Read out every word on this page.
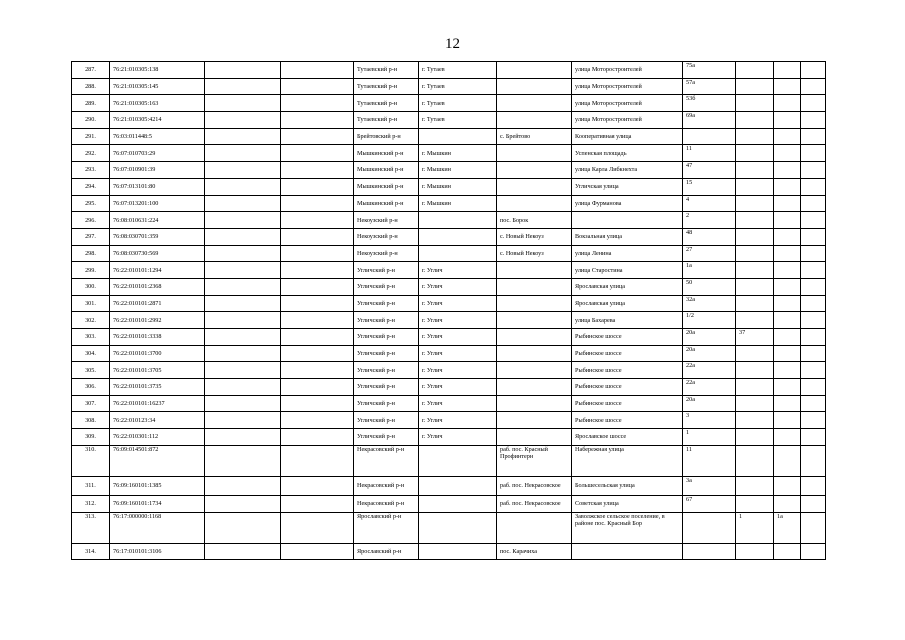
12
287.	76:21:010305:138			Тутаевский р-н	г. Тутаев		улица Моторостроителей	75а			
288.	76:21:010305:145			Тутаевский р-н	г. Тутаев		улица Моторостроителей	57а			
289.	76:21:010305:163			Тутаевский р-н	г. Тутаев		улица Моторостроителей	53б			
290.	76:21:010305:4214			Тутаевский р-н	г. Тутаев		улица Моторостроителей	69а			
291.	76:03:011448:5			Брейтовский р-н		с. Брейтово	Кооперативная улица				
292.	76:07:010703:29			Мышкинский р-н	г. Мышкин		Успенская площадь	11			
293.	76:07:010901:39			Мышкинский р-н	г. Мышкин		улица Карла Либкнехта	47			
294.	76:07:013101:80			Мышкинский р-н	г. Мышкин		Угличская улица	15			
295.	76:07:013201:100			Мышкинский р-н	г. Мышкин		улица Фурманова	4			
296.	76:08:010631:224			Некоузский р-н		пос. Борок		2			
297.	76:08:030701:359			Некоузский р-н		с. Новый Некоуз	Вокзальная улица	48			
298.	76:08:030730:569			Некоузский р-н		с. Новый Некоуз	улица Ленина	27			
299.	76:22:010101:1294			Угличский р-н	г. Углич		улица Старостина	1а			
300.	76:22:010101:2368			Угличский р-н	г. Углич		Ярославская улица	50			
301.	76:22:010101:2871			Угличский р-н	г. Углич		Ярославская улица	32а			
302.	76:22:010101:2992			Угличский р-н	г. Углич		улица Бахарева	1/2			
303.	76:22:010101:3338			Угличский р-н	г. Углич		Рыбинское шоссе	20а	37		
304.	76:22:010101:3700			Угличский р-н	г. Углич		Рыбинское шоссе	20а			
305.	76:22:010101:3705			Угличский р-н	г. Углич		Рыбинское шоссе	22а			
306.	76:22:010101:3735			Угличский р-н	г. Углич		Рыбинское шоссе	22а			
307.	76:22:010101:16237			Угличский р-н	г. Углич		Рыбинское шоссе	20а			
308.	76:22:010123:34			Угличский р-н	г. Углич		Рыбинское шоссе	3			
309.	76:22:010301:112			Угличский р-н	г. Углич		Ярославское шоссе	1			
310.	76:09:014501:872			Некрасовский р-н		раб. пос. Красный Профинтерн	Набережная улица	11			
311.	76:09:160101:1385			Некрасовский р-н		раб. пос. Некрасовское	Большесельская улица	3а			
312.	76:09:160101:1734			Некрасовский р-н		раб. пос. Некрасовское	Советская улица	67			
313.	76:17:000000:1168			Ярославский р-н			Заволжское сельское поселение, в районе пос. Красный Бор		1	1а	
314.	76:17:010101:3106			Ярославский р-н		пос. Карачиха					
